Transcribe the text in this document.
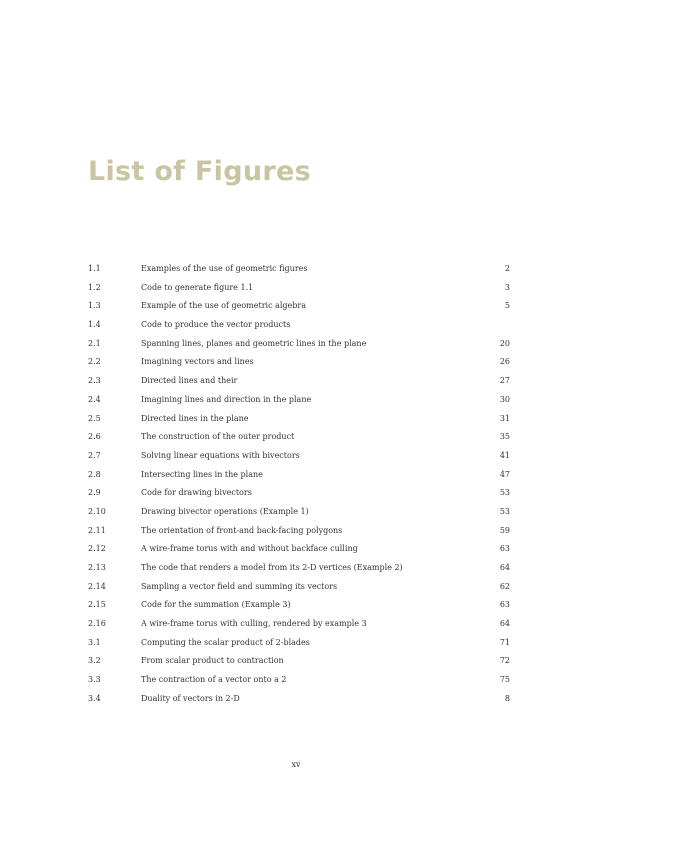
List of Figures
1.1	Examples of the use of geometric figures	2
1.2	Code to generate figure 1.1	3
1.3	Example of the use of geometric algebra	5
1.4	Code to produce the vector products
2.1	Spanning lines, planes and geometric lines in the plane	20
2.2	Imagining vectors and lines	26
2.3	Directed lines and their	27
2.4	Imagining lines and direction in the plane	30
2.5	Directed lines in the plane	31
2.6	The construction of the outer product	35
2.7	Solving linear equations with bivectors	41
2.8	Intersecting lines in the plane	47
2.9	Code for drawing bivectors	53
2.10	Drawing bivector operations (Example 1)	53
2.11	The orientation of front-and back-facing polygons	59
2.12	A wire-frame torus with and without backface culling	63
2.13	The code that renders a model from its 2-D vertices (Example 2)	64
2.14	Sampling a vector field and summing its vectors	62
2.15	Code for the summation (Example 3)	63
2.16	A wire-frame torus with culling, rendered by example 3	64
3.1	Computing the scalar product of 2-blades	71
3.2	From scalar product to contraction	72
3.3	The contraction of a vector onto a 2	75
3.4	Duality of vectors in 2-D	8
xv
